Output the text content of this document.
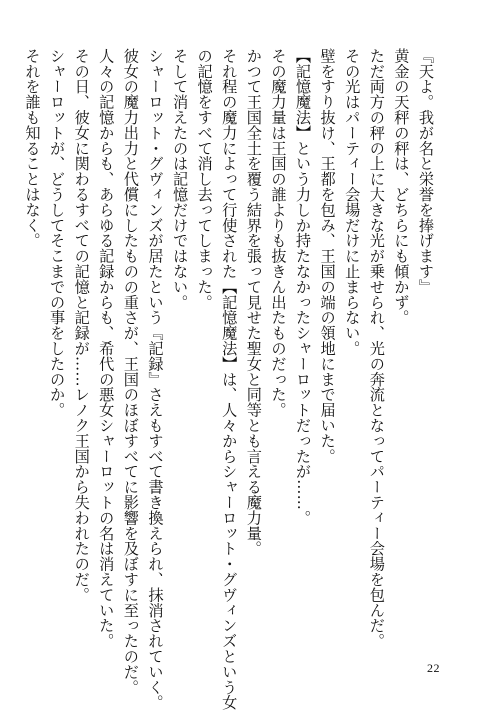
『天よ。我が名と栄誉を捧げます』
黄金の天秤の秤は、どちらにも傾かず。
ただ両方の秤の上に大きな光が乗せられ、光の奔流となってパーティー会場を包んだ。
その光はパーティー会場だけに止まらない。
壁をすり抜け、王都を包み、王国の端の領地にまで届いた。
【記憶魔法】という力しか持たなかったシャーロットだったが……。
その魔力量は王国の誰よりも抜きん出たものだった。
かつて王国全土を覆う結界を張って見せた聖女と同等とも言える魔力量。
それ程の魔力によって行使された【記憶魔法】は、人々からシャーロット・グヴィンズという女
の記憶をすべて消し去ってしまった。
そして消えたのは記憶だけではない。
シャーロット・グヴィンズが居たという『記録』さえもすべて書き換えられ、抹消されていく。
彼女の魔力出力と代償にしたものの重さが、王国のほぼすべてに影響を及ぼすに至ったのだ。
人々の記憶からも、あらゆる記録からも、希代の悪女シャーロットの名は消えていた。
その日、彼女に関わるすべての記憶と記録が……レノク王国から失われたのだ。
シャーロットが、どうしてそこまでの事をしたのか。
それを誰も知ることはなく。
22
